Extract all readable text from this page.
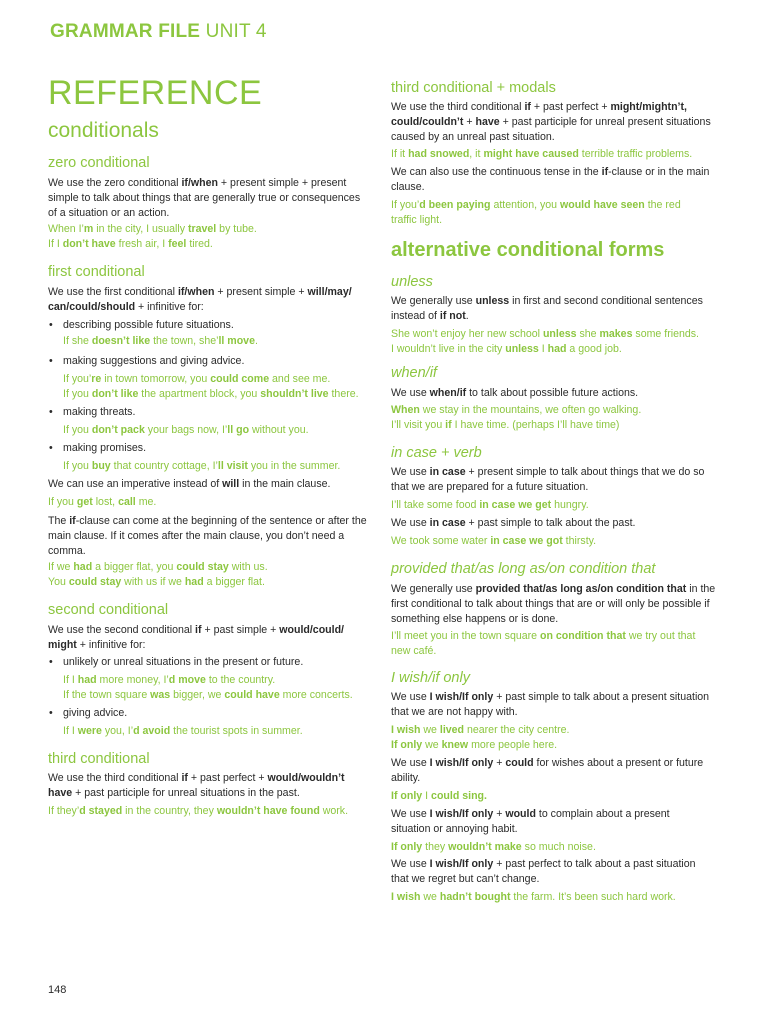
GRAMMAR FILE UNIT 4
REFERENCE
conditionals
zero conditional
We use the zero conditional if/when + present simple + present simple to talk about things that are generally true or consequences of a situation or an action.
When I’m in the city, I usually travel by tube.
If I don’t have fresh air, I feel tired.
first conditional
We use the first conditional if/when + present simple + will/may/ can/could/should + infinitive for:
• describing possible future situations.
If she doesn’t like the town, she’ll move.
• making suggestions and giving advice.
If you’re in town tomorrow, you could come and see me.
If you don’t like the apartment block, you shouldn’t live there.
• making threats.
If you don’t pack your bags now, I’ll go without you.
• making promises.
If you buy that country cottage, I’ll visit you in the summer.
We can use an imperative instead of will in the main clause.
If you get lost, call me.
The if-clause can come at the beginning of the sentence or after the main clause. If it comes after the main clause, you don’t need a comma.
If we had a bigger flat, you could stay with us.
You could stay with us if we had a bigger flat.
second conditional
We use the second conditional if + past simple + would/could/ might + infinitive for:
• unlikely or unreal situations in the present or future.
If I had more money, I’d move to the country.
If the town square was bigger, we could have more concerts.
• giving advice.
If I were you, I’d avoid the tourist spots in summer.
third conditional
We use the third conditional if + past perfect + would/wouldn’t have + past participle for unreal situations in the past.
If they’d stayed in the country, they wouldn’t have found work.
third conditional + modals
We use the third conditional if + past perfect + might/mightn’t, could/couldn’t + have + past participle for unreal present situations caused by an unreal past situation.
If it had snowed, it might have caused terrible traffic problems.
We can also use the continuous tense in the if-clause or in the main clause.
If you’d been paying attention, you would have seen the red traffic light.
alternative conditional forms
unless
We generally use unless in first and second conditional sentences instead of if not.
She won’t enjoy her new school unless she makes some friends.
I wouldn’t live in the city unless I had a good job.
when/if
We use when/if to talk about possible future actions.
When we stay in the mountains, we often go walking.
I’ll visit you if I have time. (perhaps I’ll have time)
in case + verb
We use in case + present simple to talk about things that we do so that we are prepared for a future situation.
I’ll take some food in case we get hungry.
We use in case + past simple to talk about the past.
We took some water in case we got thirsty.
provided that/as long as/on condition that
We generally use provided that/as long as/on condition that in the first conditional to talk about things that are or will only be possible if something else happens or is done.
I’ll meet you in the town square on condition that we try out that new café.
I wish/if only
We use I wish/If only + past simple to talk about a present situation that we are not happy with.
I wish we lived nearer the city centre.
If only we knew more people here.
We use I wish/If only + could for wishes about a present or future ability.
If only I could sing.
We use I wish/If only + would to complain about a present situation or annoying habit.
If only they wouldn’t make so much noise.
We use I wish/If only + past perfect to talk about a past situation that we regret but can’t change.
I wish we hadn’t bought the farm. It’s been such hard work.
148
